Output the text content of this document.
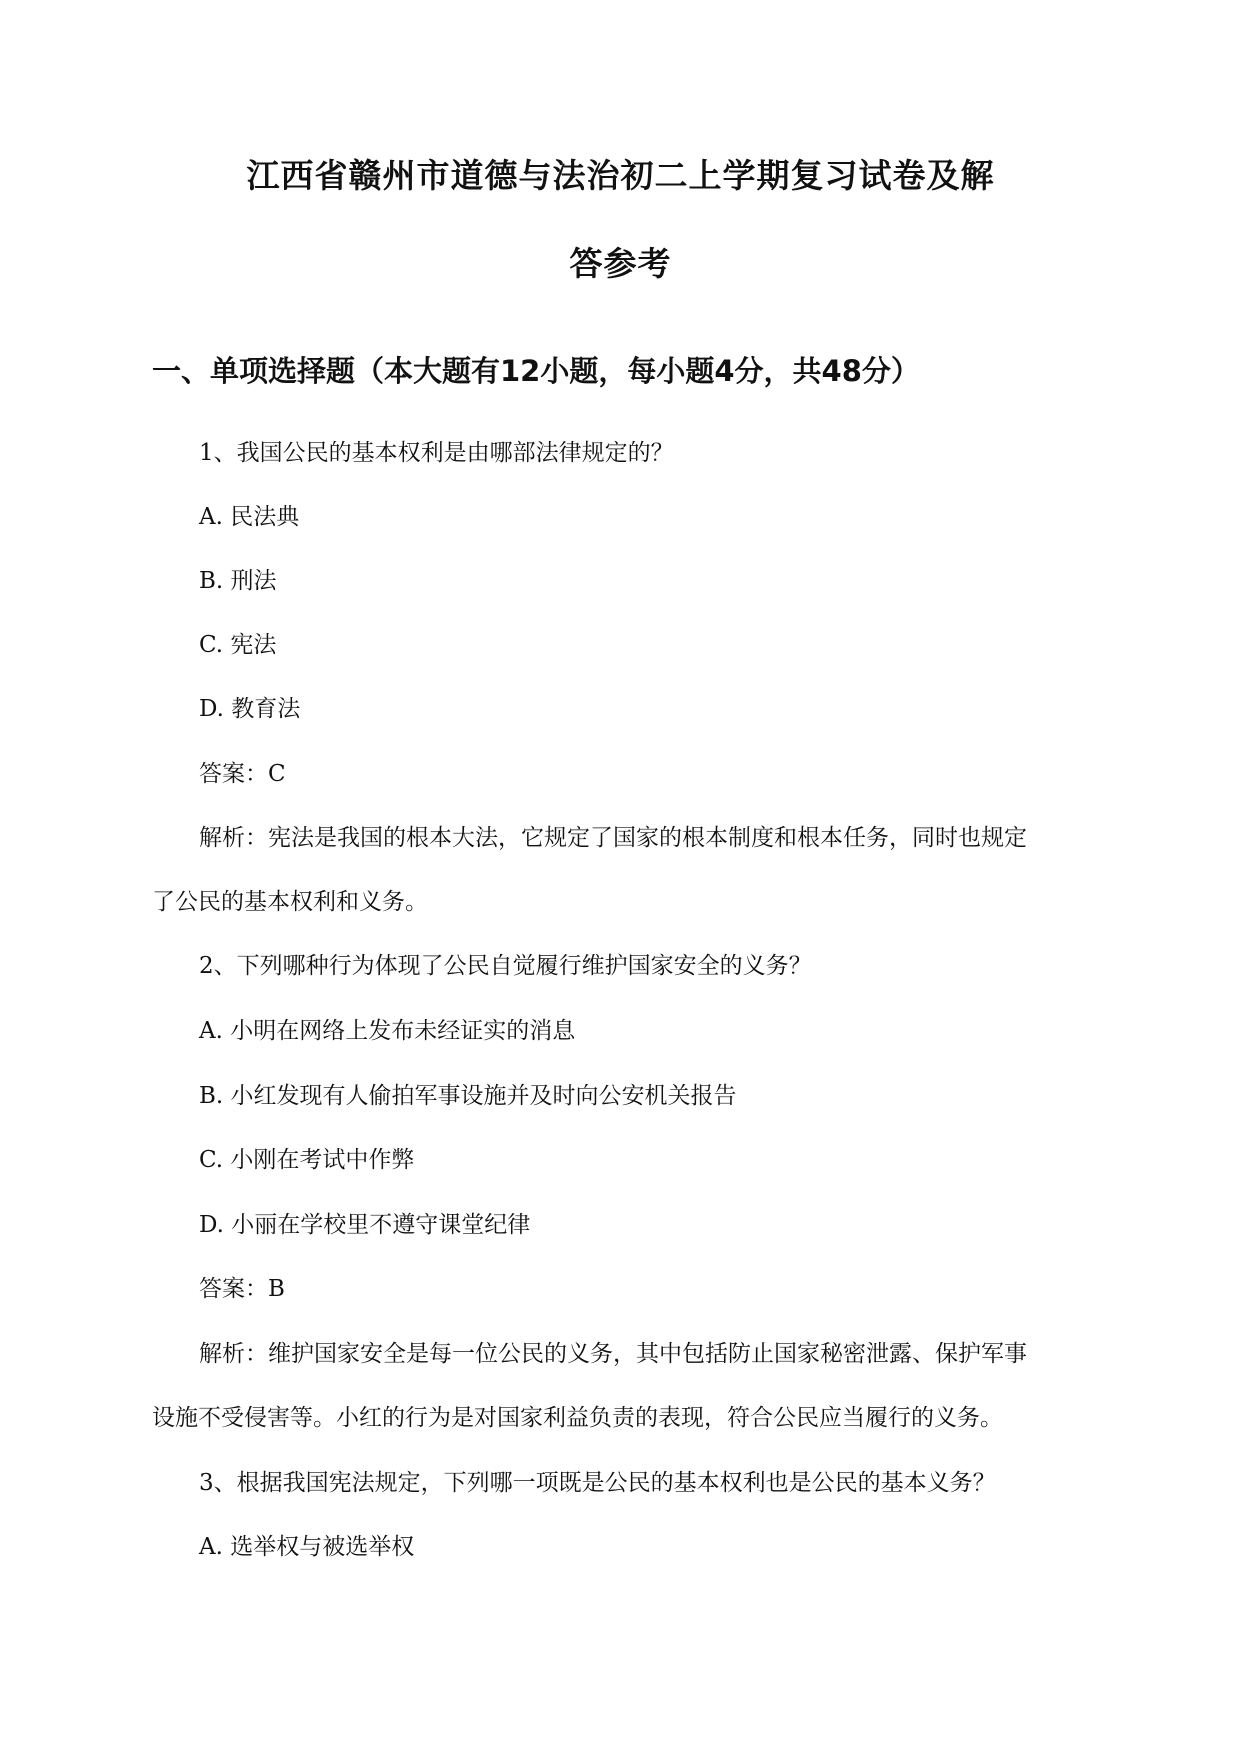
江西省赣州市道德与法治初二上学期复习试卷及解
答参考
一、单项选择题（本大题有12小题，每小题4分，共48分）
1、我国公民的基本权利是由哪部法律规定的？
A. 民法典
B. 刑法
C. 宪法
D. 教育法
答案：C
解析：宪法是我国的根本大法，它规定了国家的根本制度和根本任务，同时也规定
了公民的基本权利和义务。
2、下列哪种行为体现了公民自觉履行维护国家安全的义务？
A. 小明在网络上发布未经证实的消息
B. 小红发现有人偷拍军事设施并及时向公安机关报告
C. 小刚在考试中作弊
D. 小丽在学校里不遵守课堂纪律
答案：B
解析：维护国家安全是每一位公民的义务，其中包括防止国家秘密泄露、保护军事
设施不受侵害等。小红的行为是对国家利益负责的表现，符合公民应当履行的义务。
3、根据我国宪法规定，下列哪一项既是公民的基本权利也是公民的基本义务？
A. 选举权与被选举权
